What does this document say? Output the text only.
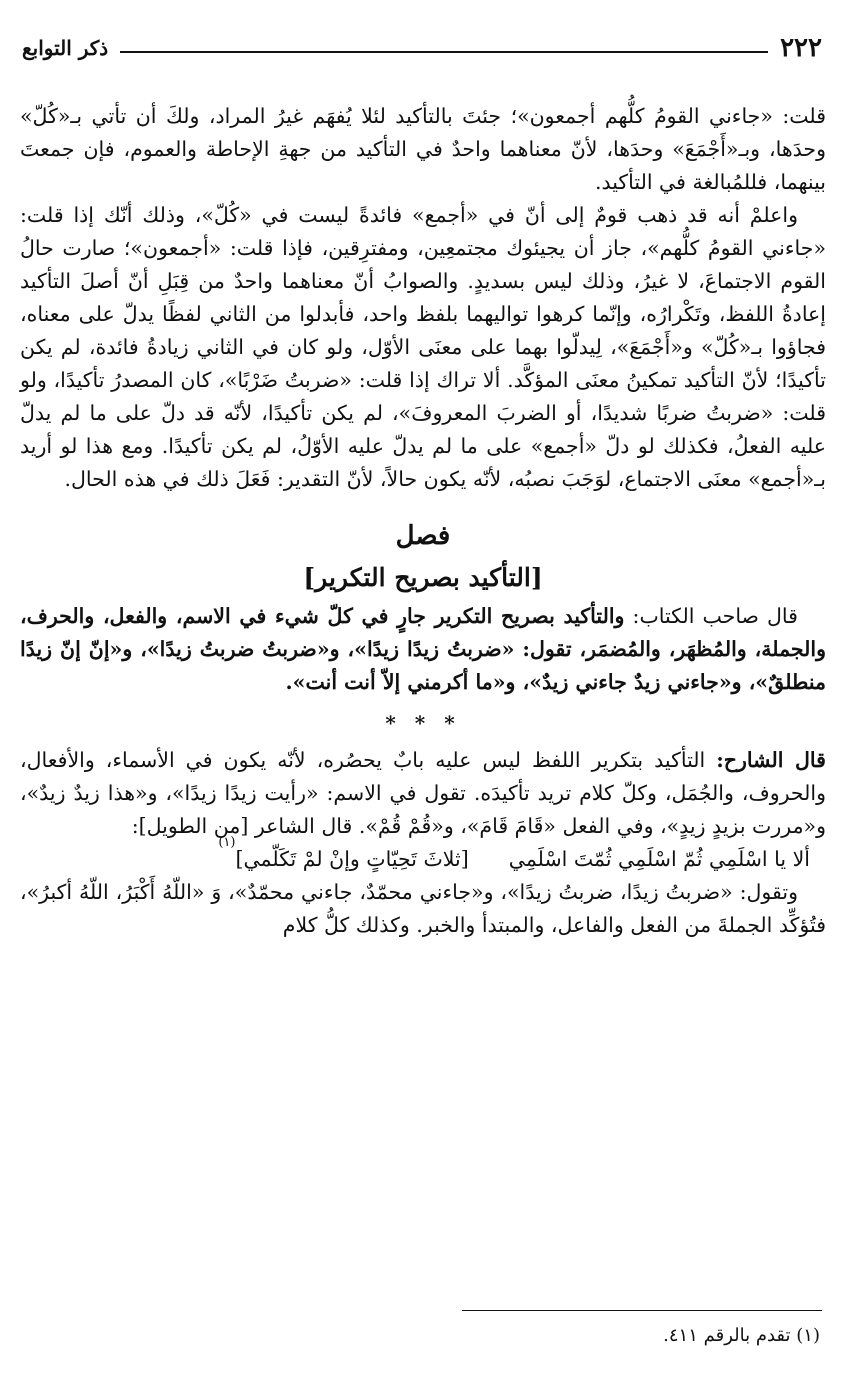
٢٢٢
ذكر التوابع

قلت: «جاءني القومُ كلُّهم أجمعون»؛ جئتَ بالتأكيد لئلا يُفهَم غيرُ المراد، ولكَ أن تأتي بـ«كُلّ» وحدَها، وبـ«أَجْمَعَ» وحدَها، لأنّ معناهما واحدٌ في التأكيد من جهةِ الإحاطة والعموم، فإن جمعتَ بينهما، فللمُبالغة في التأكيد.

واعلمْ أنه قد ذهب قومٌ إلى أنّ في «أجمع» فائدةً ليست في «كُلّ»، وذلك أنّك إذا قلت: «جاءني القومُ كلُّهم»، جاز أن يجيئوك مجتمعِين، ومفترِقين، فإذا قلت: «أجمعون»؛ صارت حالُ القوم الاجتماعَ، لا غيرُ، وذلك ليس بسديدٍ. والصوابُ أنّ معناهما واحدٌ من قِبَلِ أنّ أصلَ التأكيد إعادةُ اللفظ، وتَكْرارُه، وإنّما كرهوا تواليهما بلفظ واحد، فأبدلوا من الثاني لفظًا يدلّ على معناه، فجاؤوا بـ«كُلّ» و«أَجْمَعَ»، لِيدلّوا بهما على معنَى الأوّل، ولو كان في الثاني زيادةُ فائدة، لم يكن تأكيدًا؛ لأنّ التأكيد تمكينُ معنَى المؤكَّد. ألا تراك إذا قلت: «ضربتُ ضَرْبًا»، كان المصدرُ تأكيدًا، ولو قلت: «ضربتُ ضربًا شديدًا، أو الضربَ المعروفَ»، لم يكن تأكيدًا، لأنّه قد دلّ على ما لم يدلّ عليه الفعلُ، فكذلك لو دلّ «أجمع» على ما لم يدلّ عليه الأوّلُ، لم يكن تأكيدًا. ومع هذا لو أريد بـ«أجمع» معنَى الاجتماع، لوَجَبَ نصبُه، لأنّه يكون حالاً، لأنّ التقدير: فَعَلَ ذلك في هذه الحال.

فصل

[التأكيد بصريح التكرير]

قال صاحب الكتاب: والتأكيد بصريح التكرير جارٍ في كلّ شيء في الاسم، والفعل، والحرف، والجملة، والمُظهَر، والمُضمَر، تقول: «ضربتُ زيدًا زيدًا»، و«ضربتُ ضربتُ زيدًا»، و«إنّ إنّ زيدًا منطلقٌ»، و«جاءني زيدٌ جاءني زيدٌ»، و«ما أكرمني إلاّ أنت أنت».

* * *

قال الشارح: التأكيد بتكرير اللفظ ليس عليه بابٌ يحصُره، لأنّه يكون في الأسماء، والأفعال، والحروف، والجُمَل، وكلّ كلام تريد تأكيدَه. تقول في الاسم: «رأيت زيدًا زيدًا»، و«هذا زيدٌ زيدٌ»، و«مررت بزيدٍ زيدٍ»، وفي الفعل «قَامَ قَامَ»، و«قُمْ قُمْ». قال الشاعر [من الطويل]:

ألا يا اسْلَمِي ثُمّ اسْلَمِي ثُمّتَ اسْلَمِي
[ثلاثَ تَحِيّاتٍ وإنْ لمْ تَكَلّمي]
(١)

وتقول: «ضربتُ زيدًا، ضربتُ زيدًا»، و«جاءني محمّدٌ، جاءني محمّدٌ»، وَ «اللّهُ أَكْبَرُ، اللّهُ أكبرُ»، فتُؤكِّد الجملةَ من الفعل والفاعل، والمبتدأ والخبر. وكذلك كلُّ كلام

(١) تقدم بالرقم ٤١١.
